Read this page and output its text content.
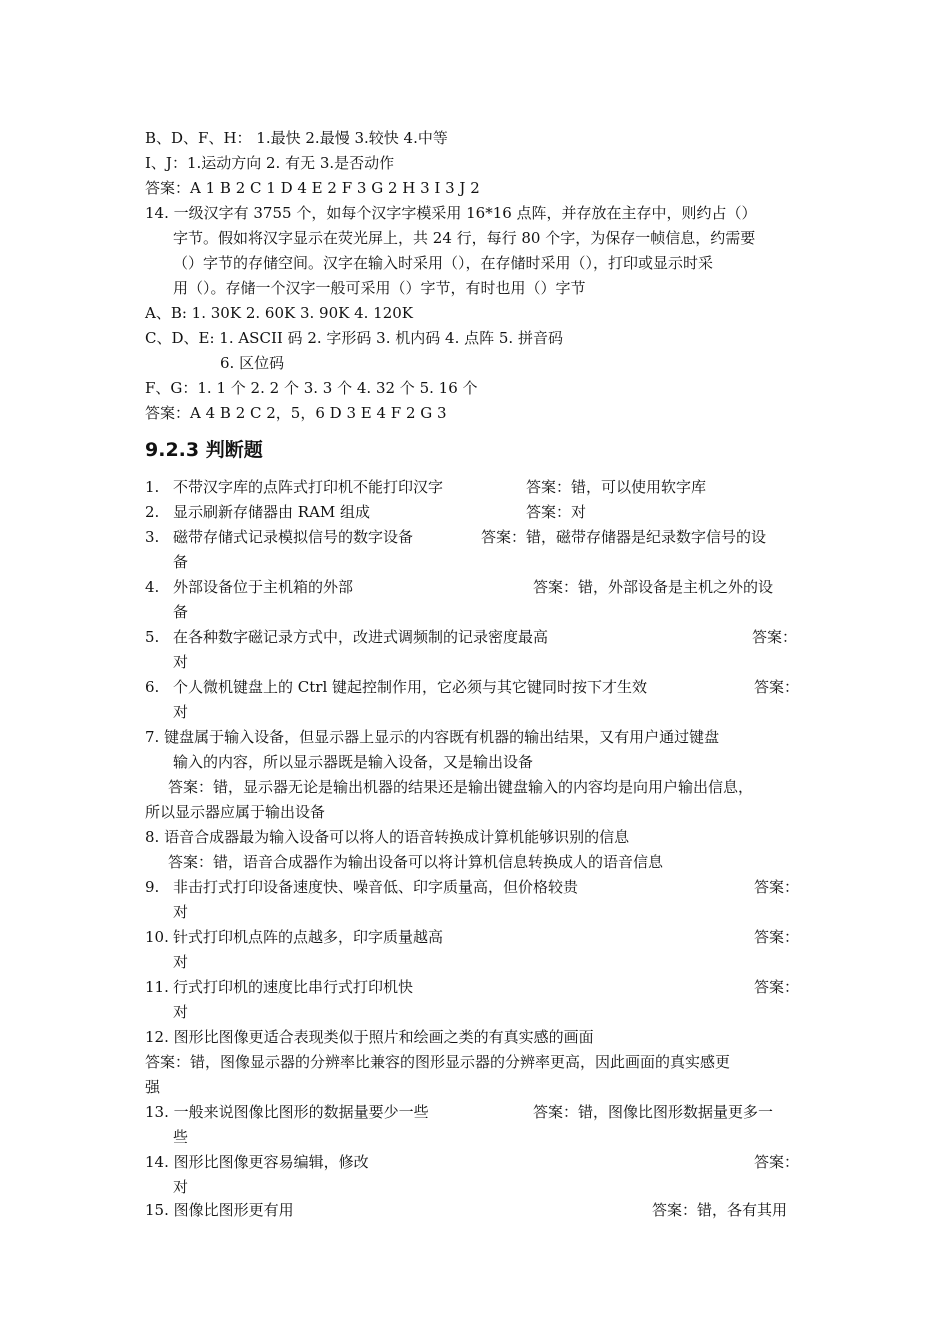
B、D、F、H： 1.最快 2.最慢 3.较快 4.中等
I、J：1.运动方向 2. 有无 3.是否动作
答案：A 1 B 2 C 1 D 4 E 2 F 3 G 2 H 3 I 3 J 2
14. 一级汉字有 3755 个，如每个汉字字模采用 16*16 点阵，并存放在主存中，则约占（）
字节。假如将汉字显示在荧光屏上，共 24 行，每行 80 个字，为保存一帧信息，约需要
（）字节的存储空间。汉字在输入时采用（），在存储时采用（），打印或显示时采
用（）。存储一个汉字一般可采用（）字节，有时也用（）字节
A、B: 1. 30K 2. 60K 3. 90K 4. 120K
C、D、E: 1. ASCII 码 2. 字形码 3. 机内码 4. 点阵 5. 拼音码
6. 区位码
F、G：1. 1 个 2. 2 个 3. 3 个 4. 32 个 5. 16 个
答案：A 4 B 2 C 2，5，6 D 3 E 4 F 2 G 3
9.2.3 判断题
1. 不带汉字库的点阵式打印机不能打印汉字	答案：错，可以使用软字库
2. 显示刷新存储器由 RAM 组成	答案：对
3. 磁带存储式记录模拟信号的数字设备	答案：错，磁带存储器是纪录数字信号的设
备
4. 外部设备位于主机箱的外部	答案：错，外部设备是主机之外的设
备
5. 在各种数字磁记录方式中，改进式调频制的记录密度最高	答案：
对
6. 个人微机键盘上的 Ctrl 键起控制作用，它必须与其它键同时按下才生效	答案：
对
7. 键盘属于输入设备，但显示器上显示的内容既有机器的输出结果，又有用户通过键盘
输入的内容，所以显示器既是输入设备，又是输出设备
答案：错，显示器无论是输出机器的结果还是输出键盘输入的内容均是向用户输出信息，
所以显示器应属于输出设备
8. 语音合成器最为输入设备可以将人的语音转换成计算机能够识别的信息
答案：错，语音合成器作为输出设备可以将计算机信息转换成人的语音信息
9. 非击打式打印设备速度快、噪音低、印字质量高，但价格较贵	答案：
对
10. 针式打印机点阵的点越多，印字质量越高	答案：
对
11. 行式打印机的速度比串行式打印机快	答案：
对
12. 图形比图像更适合表现类似于照片和绘画之类的有真实感的画面
答案：错，图像显示器的分辨率比兼容的图形显示器的分辨率更高，因此画面的真实感更
强
13. 一般来说图像比图形的数据量要少一些	答案：错，图像比图形数据量更多一
些
14. 图形比图像更容易编辑，修改	答案：
对
15. 图像比图形更有用	答案：错，各有其用
